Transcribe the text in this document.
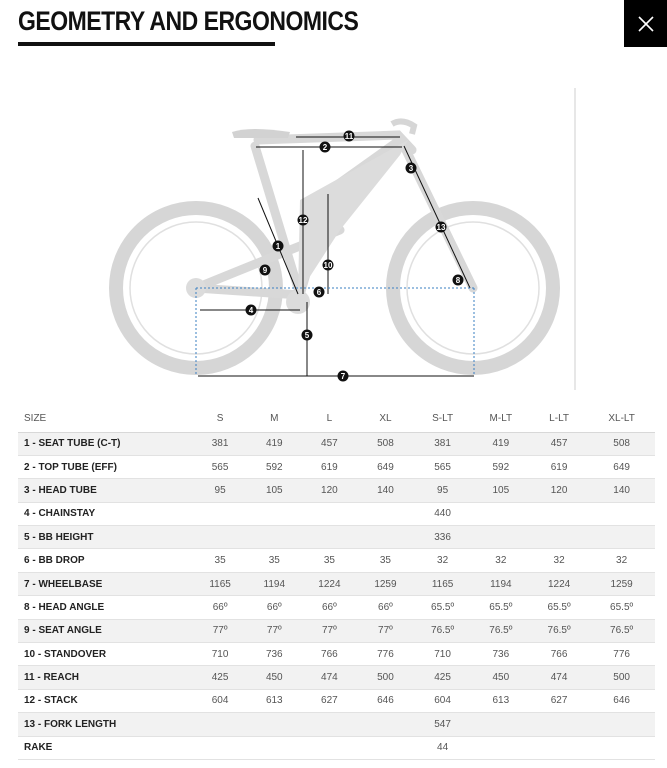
GEOMETRY AND ERGONOMICS
1
2
3
4
5
6
7
8
9
10
11
12
13
SIZE	S	M	L	XL	S-LT	M-LT	L-LT	XL-LT
1 - SEAT TUBE (C-T)	381	419	457	508	381	419	457	508
2 - TOP TUBE (EFF)	565	592	619	649	565	592	619	649
3 - HEAD TUBE	95	105	120	140	95	105	120	140
4 - CHAINSTAY					440			
5 - BB HEIGHT					336			
6 - BB DROP	35	35	35	35	32	32	32	32
7 - WHEELBASE	1165	1194	1224	1259	1165	1194	1224	1259
8 - HEAD ANGLE	66º	66º	66º	66º	65.5º	65.5º	65.5º	65.5º
9 - SEAT ANGLE	77º	77º	77º	77º	76.5º	76.5º	76.5º	76.5º
10 - STANDOVER	710	736	766	776	710	736	766	776
11 - REACH	425	450	474	500	425	450	474	500
12 - STACK	604	613	627	646	604	613	627	646
13 - FORK LENGTH					547			
RAKE					44			
